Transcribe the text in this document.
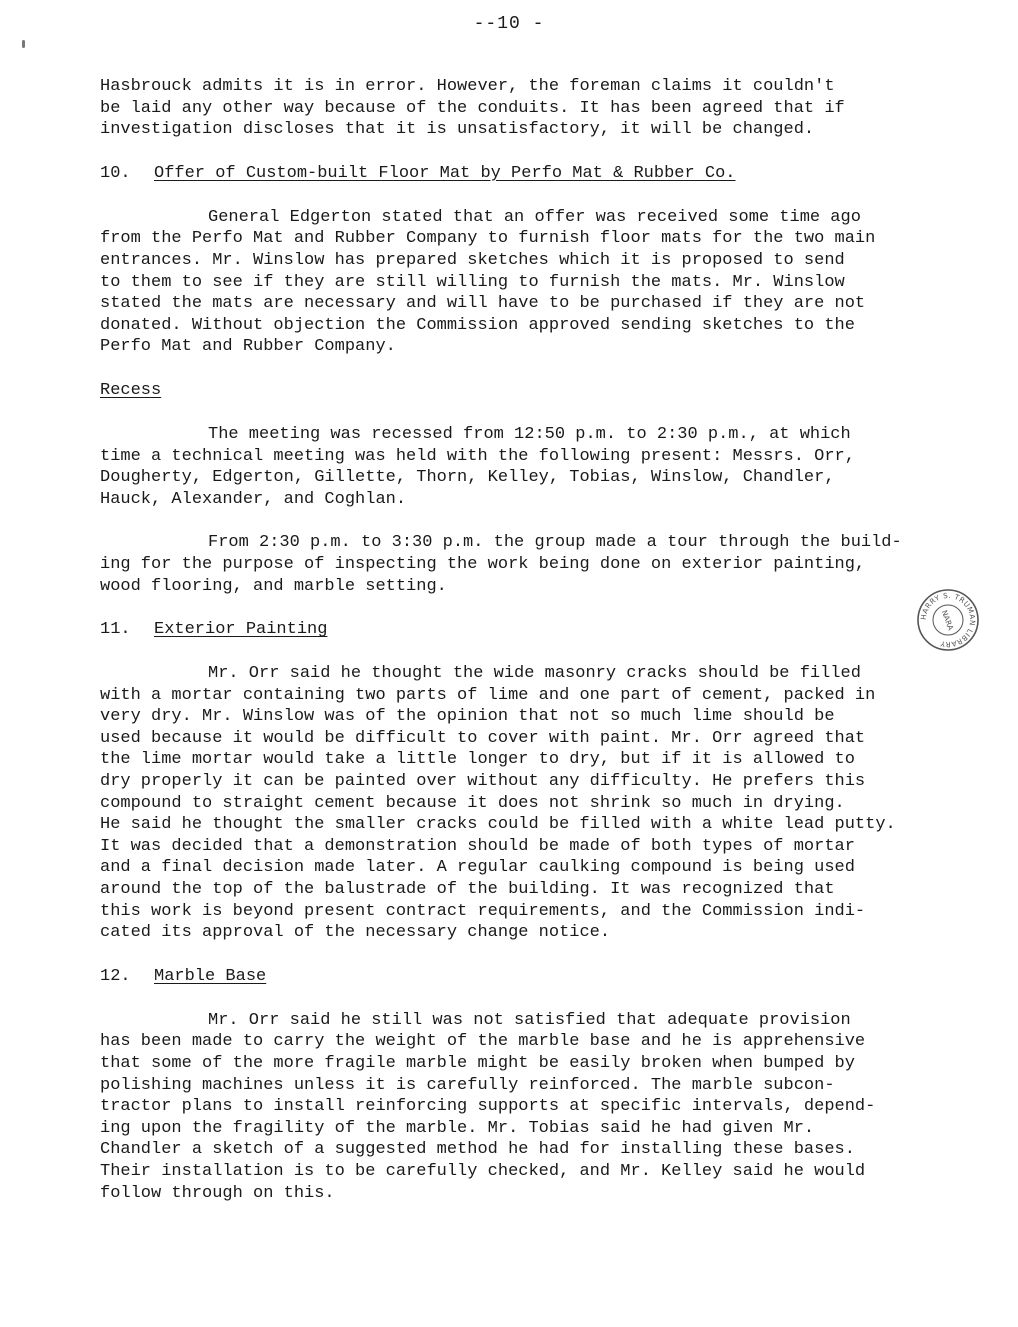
--10 -

Hasbrouck admits it is in error. However, the foreman claims it couldn't
be laid any other way because of the conduits. It has been agreed that if
investigation discloses that it is unsatisfactory, it will be changed.

10. Offer of Custom-built Floor Mat by Perfo Mat & Rubber Co.

General Edgerton stated that an offer was received some time ago
from the Perfo Mat and Rubber Company to furnish floor mats for the two main
entrances. Mr. Winslow has prepared sketches which it is proposed to send
to them to see if they are still willing to furnish the mats. Mr. Winslow
stated the mats are necessary and will have to be purchased if they are not
donated. Without objection the Commission approved sending sketches to the
Perfo Mat and Rubber Company.

Recess

The meeting was recessed from 12:50 p.m. to 2:30 p.m., at which
time a technical meeting was held with the following present: Messrs. Orr,
Dougherty, Edgerton, Gillette, Thorn, Kelley, Tobias, Winslow, Chandler,
Hauck, Alexander, and Coghlan.

From 2:30 p.m. to 3:30 p.m. the group made a tour through the build-
ing for the purpose of inspecting the work being done on exterior painting,
wood flooring, and marble setting.

11. Exterior Painting

Mr. Orr said he thought the wide masonry cracks should be filled
with a mortar containing two parts of lime and one part of cement, packed in
very dry. Mr. Winslow was of the opinion that not so much lime should be
used because it would be difficult to cover with paint. Mr. Orr agreed that
the lime mortar would take a little longer to dry, but if it is allowed to
dry properly it can be painted over without any difficulty. He prefers this
compound to straight cement because it does not shrink so much in drying.
He said he thought the smaller cracks could be filled with a white lead putty.
It was decided that a demonstration should be made of both types of mortar
and a final decision made later. A regular caulking compound is being used
around the top of the balustrade of the building. It was recognized that
this work is beyond present contract requirements, and the Commission indi-
cated its approval of the necessary change notice.

12. Marble Base

Mr. Orr said he still was not satisfied that adequate provision
has been made to carry the weight of the marble base and he is apprehensive
that some of the more fragile marble might be easily broken when bumped by
polishing machines unless it is carefully reinforced. The marble subcon-
tractor plans to install reinforcing supports at specific intervals, depend-
ing upon the fragility of the marble. Mr. Tobias said he had given Mr.
Chandler a sketch of a suggested method he had for installing these bases.
Their installation is to be carefully checked, and Mr. Kelley said he would
follow through on this.

HARRY S. TRUMAN LIBRARY
NARA
